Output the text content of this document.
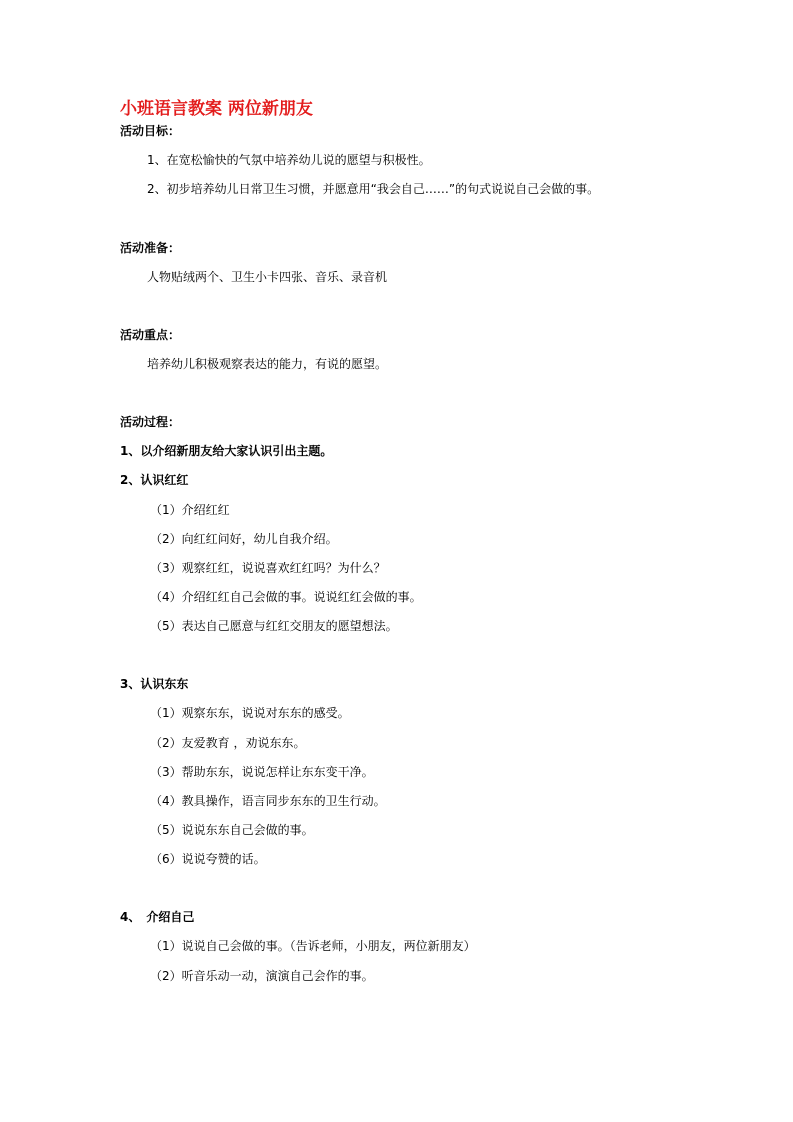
小班语言教案 两位新朋友
活动目标：
1、在宽松愉快的气氛中培养幼儿说的愿望与积极性。
2、初步培养幼儿日常卫生习惯，并愿意用“我会自己……”的句式说说自己会做的事。
活动准备：
人物贴绒两个、卫生小卡四张、音乐、录音机
活动重点：
培养幼儿积极观察表达的能力，有说的愿望。
活动过程：
1、以介绍新朋友给大家认识引出主题。
2、认识红红
（1）介绍红红
（2）向红红问好，幼儿自我介绍。
（3）观察红红，说说喜欢红红吗？为什么？
（4）介绍红红自己会做的事。说说红红会做的事。
（5）表达自己愿意与红红交朋友的愿望想法。
3、认识东东
（1）观察东东，说说对东东的感受。
（2）友爱教育 ，劝说东东。
（3）帮助东东，说说怎样让东东变干净。
（4）教具操作，语言同步东东的卫生行动。
（5）说说东东自己会做的事。
（6）说说夸赞的话。
4、　介绍自己
（1）说说自己会做的事。（告诉老师，小朋友，两位新朋友）
（2）听音乐动一动，演演自己会作的事。
